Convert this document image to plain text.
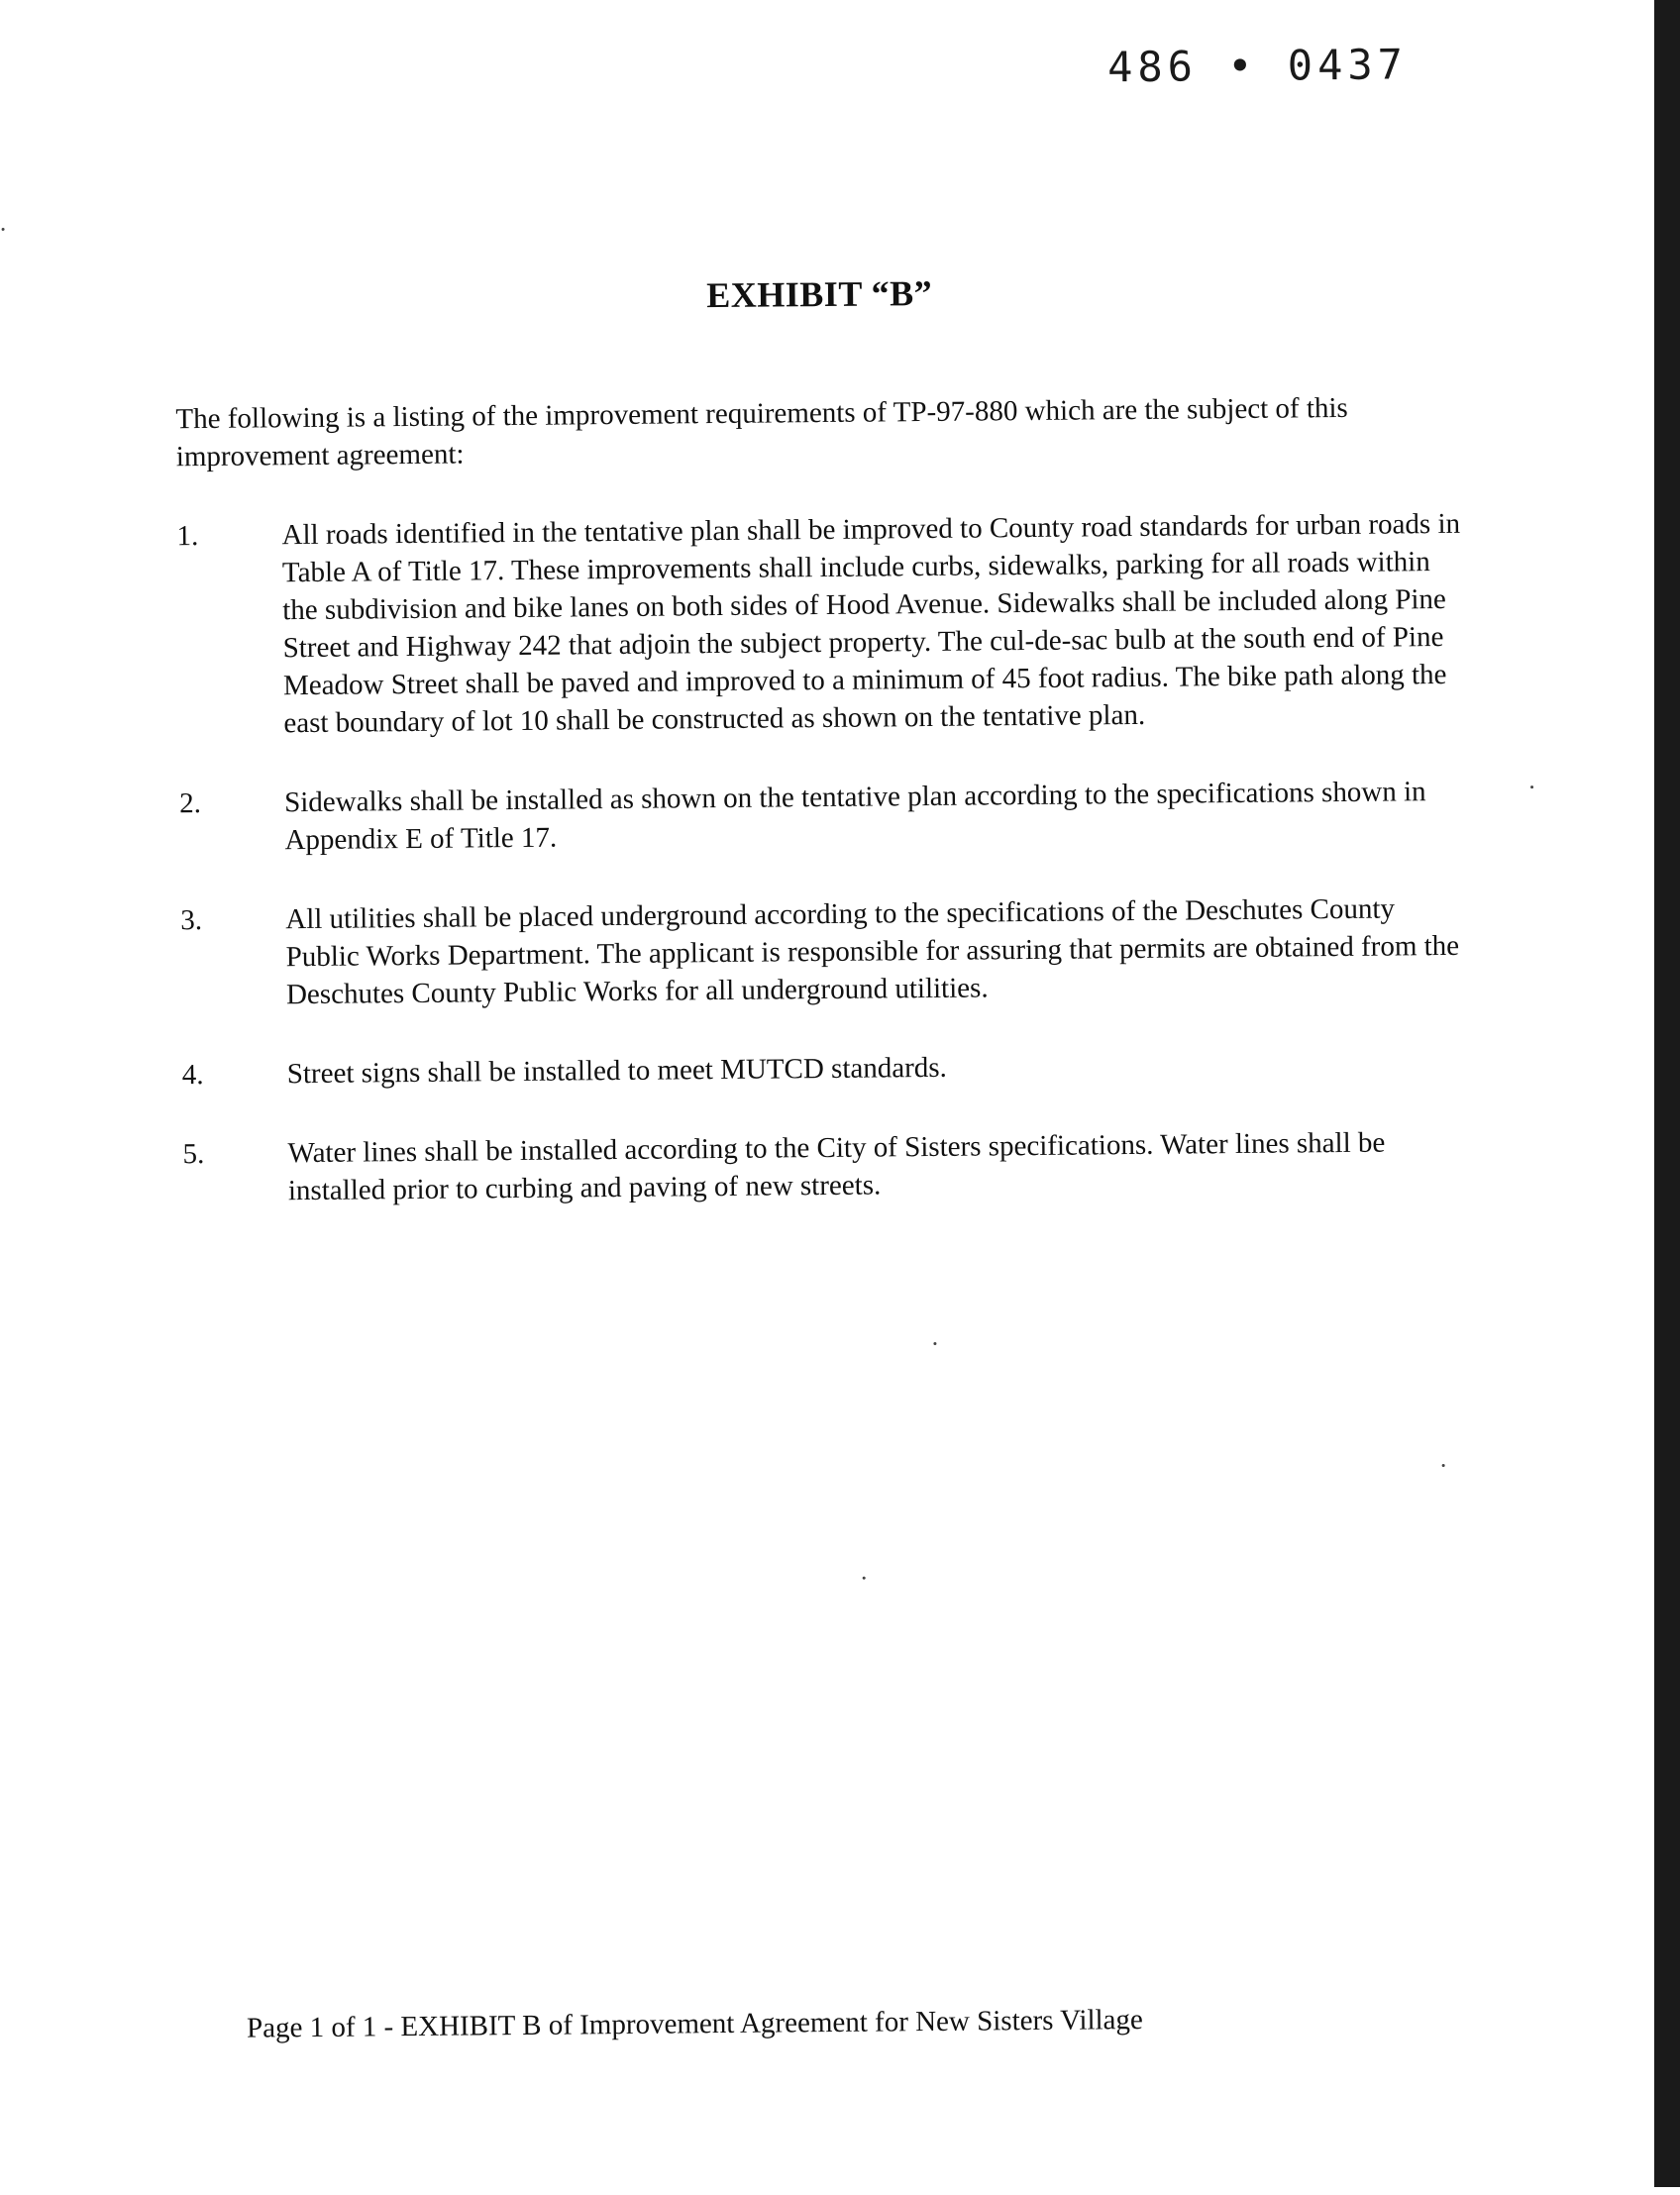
486 • 0437
EXHIBIT “B”
The following is a listing of the improvement requirements of TP-97-880 which are the subject of this improvement agreement:
1.	All roads identified in the tentative plan shall be improved to County road standards for urban roads in Table A of Title 17. These improvements shall include curbs, sidewalks, parking for all roads within the subdivision and bike lanes on both sides of Hood Avenue. Sidewalks shall be included along Pine Street and Highway 242 that adjoin the subject property. The cul-de-sac bulb at the south end of Pine Meadow Street shall be paved and improved to a minimum of 45 foot radius. The bike path along the east boundary of lot 10 shall be constructed as shown on the tentative plan.
2.	Sidewalks shall be installed as shown on the tentative plan according to the specifications shown in Appendix E of Title 17.
3.	All utilities shall be placed underground according to the specifications of the Deschutes County Public Works Department. The applicant is responsible for assuring that permits are obtained from the Deschutes County Public Works for all underground utilities.
4.	Street signs shall be installed to meet MUTCD standards.
5.	Water lines shall be installed according to the City of Sisters specifications. Water lines shall be installed prior to curbing and paving of new streets.
Page 1 of 1 - EXHIBIT B of Improvement Agreement for New Sisters Village
